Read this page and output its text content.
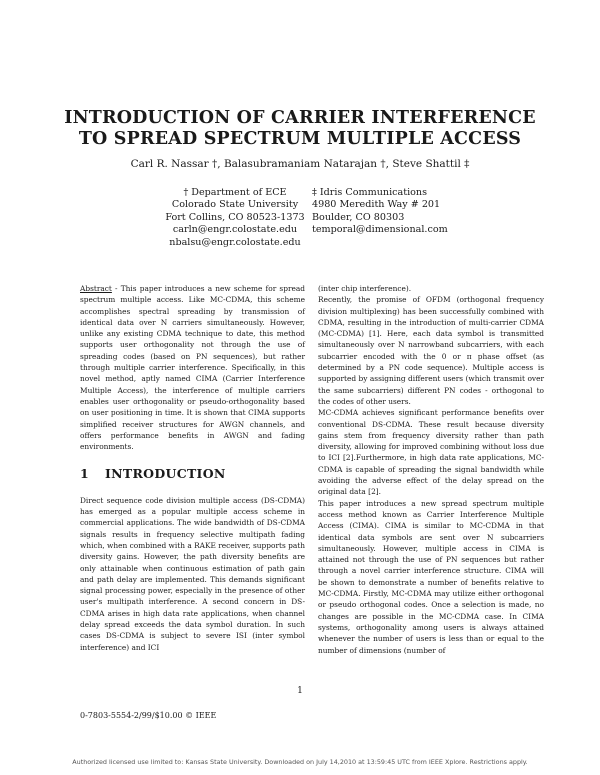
INTRODUCTION OF CARRIER INTERFERENCE
TO SPREAD SPECTRUM MULTIPLE ACCESS
Carl R. Nassar †, Balasubramaniam Natarajan †, Steve Shattil ‡
† Department of ECE
Colorado State University
Fort Collins, CO 80523-1373
carln@engr.colostate.edu
nbalsu@engr.colostate.edu
‡ Idris Communications
4980 Meredith Way # 201
Boulder, CO 80303
temporal@dimensional.com

Abstract - This paper introduces a new scheme for spread spectrum multiple access. Like MC-CDMA, this scheme accomplishes spectral spreading by transmission of identical data over N carriers simultaneously. However, unlike any existing CDMA technique to date, this method supports user orthogonality not through the use of spreading codes (based on PN sequences), but rather through multiple carrier interference. Specifically, in this novel method, aptly named CIMA (Carrier Interference Multiple Access), the interference of multiple carriers enables user orthogonality or pseudo-orthogonality based on user positioning in time. It is shown that CIMA supports simplified receiver structures for AWGN channels, and offers performance benefits in AWGN and fading environments.

1 INTRODUCTION

Direct sequence code division multiple access (DS-CDMA) has emerged as a popular multiple access scheme in commercial applications. The wide bandwidth of DS-CDMA signals results in frequency selective multipath fading which, when combined with a RAKE receiver, supports path diversity gains. However, the path diversity benefits are only attainable when continuous estimation of path gain and path delay are implemented. This demands significant signal processing power, especially in the presence of other user's multipath interference. A second concern in DS-CDMA arises in high data rate applications, when channel delay spread exceeds the data symbol duration. In such cases DS-CDMA is subject to severe ISI (inter symbol interference) and ICI

(inter chip interference).

Recently, the promise of OFDM (orthogonal frequency division multiplexing) has been successfully combined with CDMA, resulting in the introduction of multi-carrier CDMA (MC-CDMA) [1]. Here, each data symbol is transmitted simultaneously over N narrowband subcarriers, with each subcarrier encoded with the 0 or π phase offset (as determined by a PN code sequence). Multiple access is supported by assigning different users (which transmit over the same subcarriers) different PN codes - orthogonal to the codes of other users.

MC-CDMA achieves significant performance benefits over conventional DS-CDMA. These result because diversity gains stem from frequency diversity rather than path diversity, allowing for improved combining without loss due to ICI [2].Furthermore, in high data rate applications, MC-CDMA is capable of spreading the signal bandwidth while avoiding the adverse effect of the delay spread on the original data [2].

This paper introduces a new spread spectrum multiple access method known as Carrier Interference Multiple Access (CIMA). CIMA is similar to MC-CDMA in that identical data symbols are sent over N subcarriers simultaneously. However, multiple access in CIMA is attained not through the use of PN sequences but rather through a novel carrier interference structure. CIMA will be shown to demonstrate a number of benefits relative to MC-CDMA. Firstly, MC-CDMA may utilize either orthogonal or pseudo orthogonal codes. Once a selection is made, no changes are possible in the MC-CDMA case. In CIMA systems, orthogonality among users is always attained whenever the number of users is less than or equal to the number of dimensions (number of

1
0-7803-5554-2/99/$10.00 © IEEE
Authorized licensed use limited to: Kansas State University. Downloaded on July 14,2010 at 13:59:45 UTC from IEEE Xplore. Restrictions apply.
